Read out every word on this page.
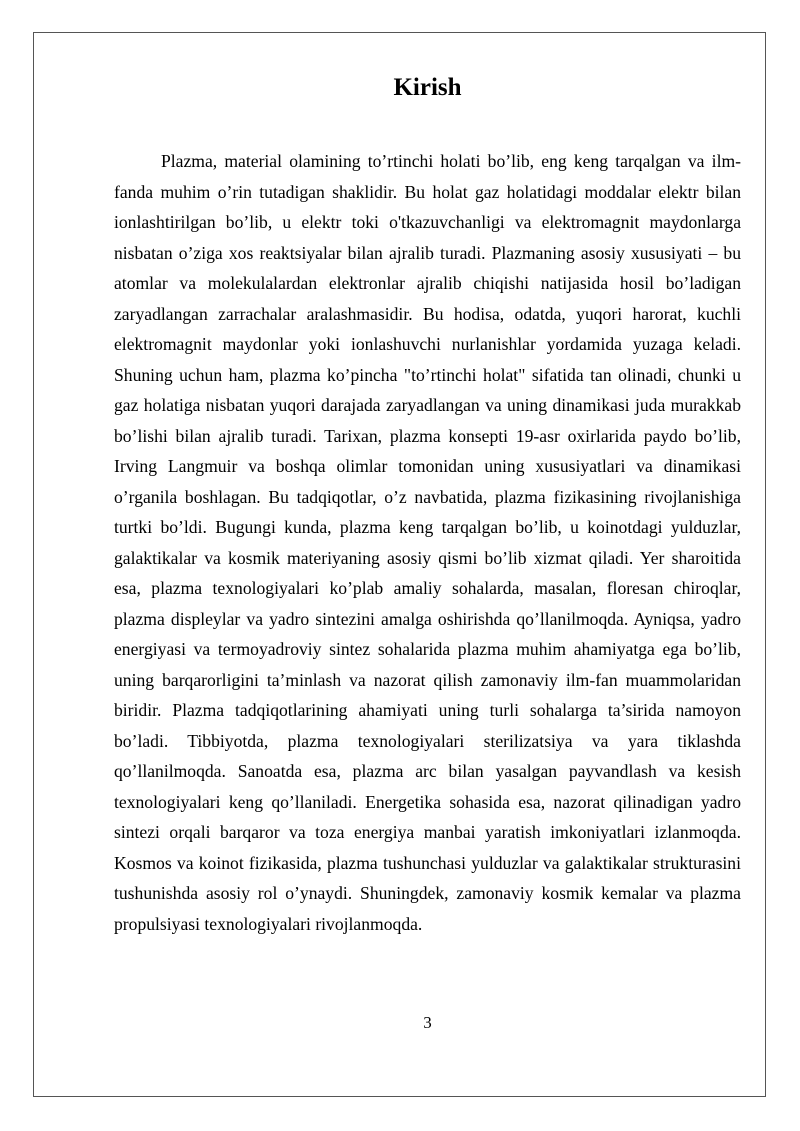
Kirish

Plazma, material olamining to’rtinchi holati bo’lib, eng keng tarqalgan va ilm-fanda muhim o’rin tutadigan shaklidir. Bu holat gaz holatidagi moddalar elektr bilan ionlashtirilgan bo’lib, u elektr toki o'tkazuvchanligi va elektromagnit maydonlarga nisbatan o’ziga xos reaktsiyalar bilan ajralib turadi. Plazmaning asosiy xususiyati – bu atomlar va molekulalardan elektronlar ajralib chiqishi natijasida hosil bo’ladigan zaryadlangan zarrachalar aralashmasidir. Bu hodisa, odatda, yuqori harorat, kuchli elektromagnit maydonlar yoki ionlashuvchi nurlanishlar yordamida yuzaga keladi. Shuning uchun ham, plazma ko’pincha "to’rtinchi holat" sifatida tan olinadi, chunki u gaz holatiga nisbatan yuqori darajada zaryadlangan va uning dinamikasi juda murakkab bo’lishi bilan ajralib turadi. Tarixan, plazma konsepti 19-asr oxirlarida paydo bo’lib, Irving Langmuir va boshqa olimlar tomonidan uning xususiyatlari va dinamikasi o’rganila boshlagan. Bu tadqiqotlar, o’z navbatida, plazma fizikasining rivojlanishiga turtki bo’ldi. Bugungi kunda, plazma keng tarqalgan bo’lib, u koinotdagi yulduzlar, galaktikalar va kosmik materiyaning asosiy qismi bo’lib xizmat qiladi. Yer sharoitida esa, plazma texnologiyalari ko’plab amaliy sohalarda, masalan, floresan chiroqlar, plazma displeylar va yadro sintezini amalga oshirishda qo’llanilmoqda. Ayniqsa, yadro energiyasi va termoyadroviy sintez sohalarida plazma muhim ahamiyatga ega bo’lib, uning barqarorligini ta’minlash va nazorat qilish zamonaviy ilm-fan muammolaridan biridir. Plazma tadqiqotlarining ahamiyati uning turli sohalarga ta’sirida namoyon bo’ladi. Tibbiyotda, plazma texnologiyalari sterilizatsiya va yara tiklashda qo’llanilmoqda. Sanoatda esa, plazma arc bilan yasalgan payvandlash va kesish texnologiyalari keng qo’llaniladi. Energetika sohasida esa, nazorat qilinadigan yadro sintezi orqali barqaror va toza energiya manbai yaratish imkoniyatlari izlanmoqda. Kosmos va koinot fizikasida, plazma tushunchasi yulduzlar va galaktikalar strukturasini tushunishda asosiy rol o’ynaydi. Shuningdek, zamonaviy kosmik kemalar va plazma propulsiyasi texnologiyalari rivojlanmoqda.

3
